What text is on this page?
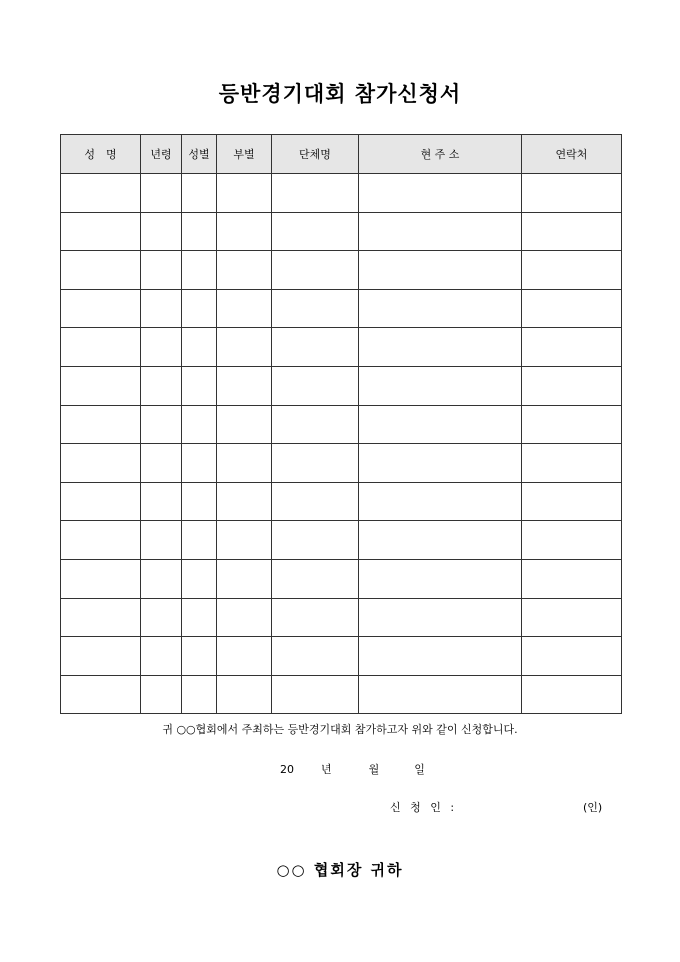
등반경기대회 참가신청서
성　명	년령	성별	부별	단체명	현 주 소	연락처

귀 ○○협회에서 주최하는 등반경기대회 참가하고자 위와 같이 신청합니다.
20 년	월	일
신 청 인 :	(인)
○○ 협회장 귀하
